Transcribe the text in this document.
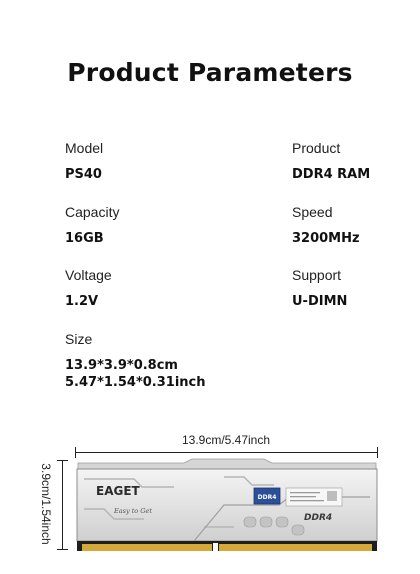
Product Parameters
Model
PS40
Product
DDR4 RAM
Capacity
16GB
Speed
3200MHz
Voltage
1.2V
Support
U-DIMN
Size
13.9*3.9*0.8cm
5.47*1.54*0.31inch
13.9cm/5.47inch
3.9cm/1.54inch	EAGET
Easy to Get
DDR4
DDR4
